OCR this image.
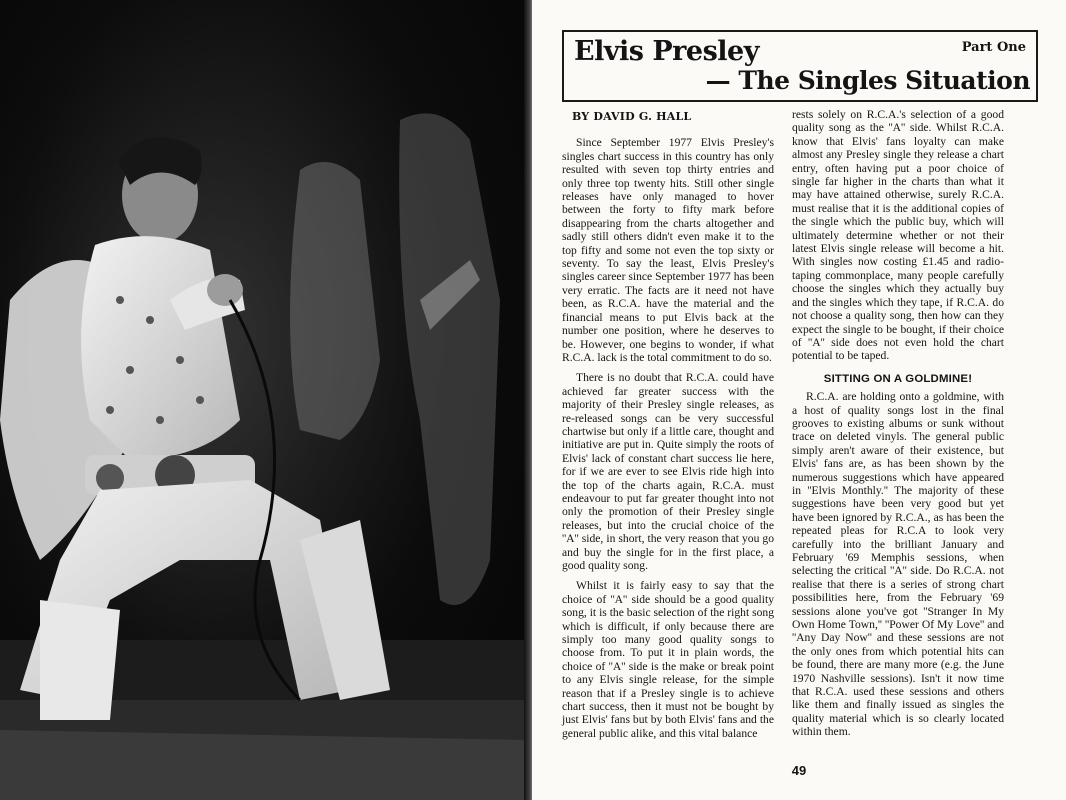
Elvis Presley	Part One
— The Singles Situation
BY DAVID G. HALL

Since September 1977 Elvis Presley's singles chart success in this country has only resulted with seven top thirty entries and only three top twenty hits. Still other single releases have only managed to hover between the forty to fifty mark before disappearing from the charts altogether and sadly still others didn't even make it to the top fifty and some not even the top sixty or seventy. To say the least, Elvis Presley's singles career since September 1977 has been very erratic. The facts are it need not have been, as R.C.A. have the material and the financial means to put Elvis back at the number one position, where he deserves to be. However, one begins to wonder, if what R.C.A. lack is the total commitment to do so.

There is no doubt that R.C.A. could have achieved far greater success with the majority of their Presley single releases, as re-released songs can be very successful chartwise but only if a little care, thought and initiative are put in. Quite simply the roots of Elvis' lack of constant chart success lie here, for if we are ever to see Elvis ride high into the top of the charts again, R.C.A. must endeavour to put far greater thought into not only the promotion of their Presley single releases, but into the crucial choice of the ''A'' side, in short, the very reason that you go and buy the single for in the first place, a good quality song.

Whilst it is fairly easy to say that the choice of ''A'' side should be a good quality song, it is the basic selection of the right song which is difficult, if only because there are simply too many good quality songs to choose from. To put it in plain words, the choice of ''A'' side is the make or break point to any Elvis single release, for the simple reason that if a Presley single is to achieve chart success, then it must not be bought by just Elvis' fans but by both Elvis' fans and the general public alike, and this vital balance

rests solely on R.C.A.'s selection of a good quality song as the ''A'' side. Whilst R.C.A. know that Elvis' fans loyalty can make almost any Presley single they release a chart entry, often having put a poor choice of single far higher in the charts than what it may have attained otherwise, surely R.C.A. must realise that it is the additional copies of the single which the public buy, which will ultimately determine whether or not their latest Elvis single release will become a hit. With singles now costing £1.45 and radio-taping commonplace, many people carefully choose the singles which they actually buy and the singles which they tape, if R.C.A. do not choose a quality song, then how can they expect the single to be bought, if their choice of ''A'' side does not even hold the chart potential to be taped.

SITTING ON A GOLDMINE!

R.C.A. are holding onto a goldmine, with a host of quality songs lost in the final grooves to existing albums or sunk without trace on deleted vinyls. The general public simply aren't aware of their existence, but Elvis' fans are, as has been shown by the numerous suggestions which have appeared in ''Elvis Monthly.'' The majority of these suggestions have been very good but yet have been ignored by R.C.A., as has been the repeated pleas for R.C.A to look very carefully into the brilliant January and February '69 Memphis sessions, when selecting the critical ''A'' side. Do R.C.A. not realise that there is a series of strong chart possibilities here, from the February '69 sessions alone you've got ''Stranger In My Own Home Town,'' ''Power Of My Love'' and ''Any Day Now'' and these sessions are not the only ones from which potential hits can be found, there are many more (e.g. the June 1970 Nashville sessions). Isn't it now time that R.C.A. used these sessions and others like them and finally issued as singles the quality material which is so clearly located within them.

49
